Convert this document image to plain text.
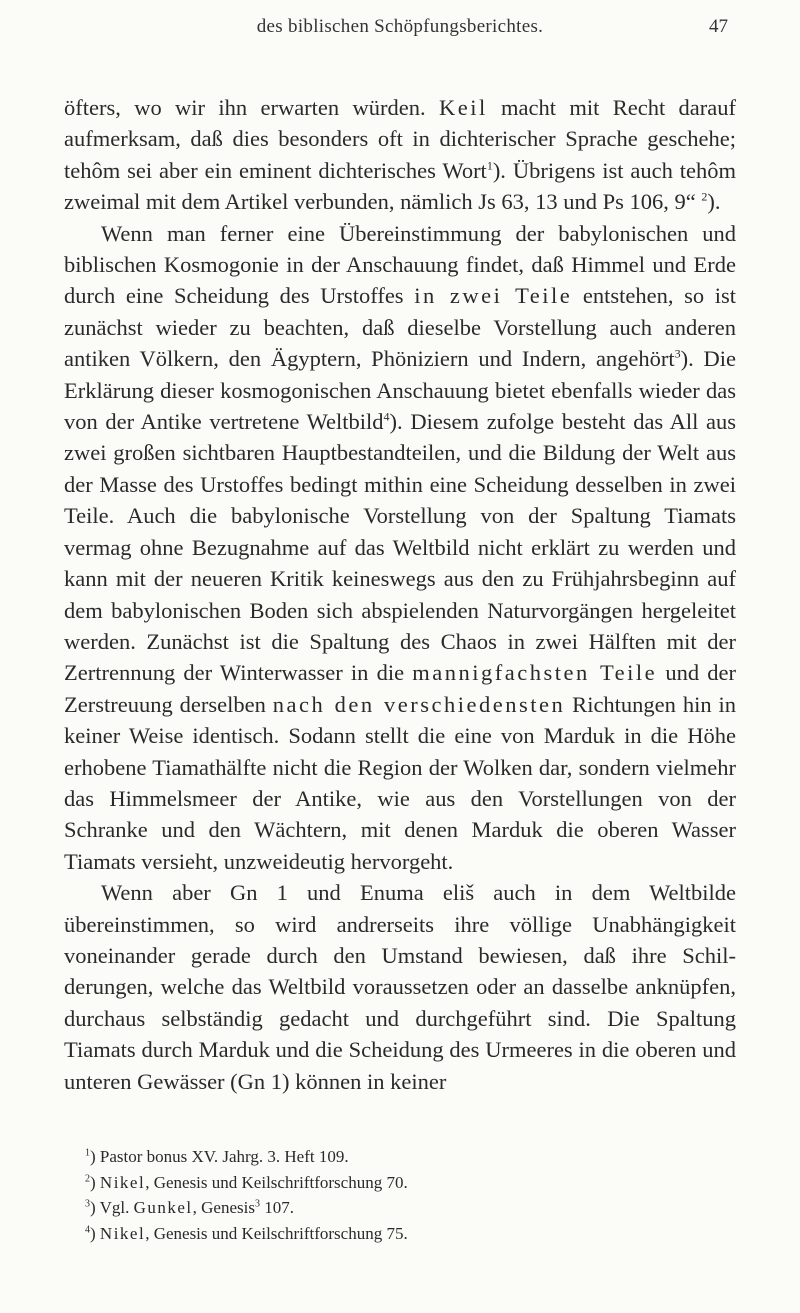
des biblischen Schöpfungsberichtes.	47

öfters, wo wir ihn erwarten würden. Keil macht mit Recht darauf aufmerksam, daß dies besonders oft in dichterischer Sprache geschehe; tehôm sei aber ein eminent dichterisches Wort$^1$). Übrigens ist auch tehôm zweimal mit dem Artikel verbunden, nämlich Js 63, 13 und Ps 106, 9“ $^2$).

Wenn man ferner eine Übereinstimmung der babylonischen und biblischen Kosmogonie in der Anschauung findet, daß Himmel und Erde durch eine Scheidung des Urstoffes in zwei Teile entstehen, so ist zunächst wieder zu beachten, daß dieselbe Vorstellung auch anderen antiken Völkern, den Ägyptern, Phöniziern und Indern, angehört$^3$). Die Erklärung dieser kosmogonischen Anschauung bietet ebenfalls wieder das von der Antike vertretene Weltbild$^4$). Diesem zufolge besteht das All aus zwei großen sichtbaren Hauptbestandteilen, und die Bildung der Welt aus der Masse des Urstoffes bedingt mithin eine Scheidung desselben in zwei Teile. Auch die babylonische Vorstellung von der Spaltung Tiamats vermag ohne Bezugnahme auf das Weltbild nicht erklärt zu werden und kann mit der neueren Kritik keineswegs aus den zu Frühjahrsbeginn auf dem babylonischen Boden sich abspielenden Naturvorgängen hergeleitet werden. Zunächst ist die Spaltung des Chaos in zwei Hälften mit der Zertrennung der Winterwasser in die mannigfachsten Teile und der Zerstreuung derselben nach den verschiedensten Richtungen hin in keiner Weise identisch. Sodann stellt die eine von Marduk in die Höhe erhobene Tiamathälfte nicht die Region der Wolken dar, sondern vielmehr das Himmelsmeer der Antike, wie aus den Vorstellungen von der Schranke und den Wächtern, mit denen Marduk die oberen Wasser Tiamats versieht, unzweideutig hervorgeht.

Wenn aber Gn 1 und Enuma eliš auch in dem Weltbilde übereinstimmen, so wird andrerseits ihre völlige Unabhängigkeit voneinander gerade durch den Umstand bewiesen, daß ihre Schilderungen, welche das Weltbild voraussetzen oder an dasselbe anknüpfen, durchaus selbständig gedacht und durchgeführt sind. Die Spaltung Tiamats durch Marduk und die Scheidung des Urmeeres in die oberen und unteren Gewässer (Gn 1) können in keiner

$^1$) Pastor bonus XV. Jahrg. 3. Heft 109.
$^2$) Nikel, Genesis und Keilschriftforschung 70.
$^3$) Vgl. Gunkel, Genesis$^3$ 107.
$^4$) Nikel, Genesis und Keilschriftforschung 75.
